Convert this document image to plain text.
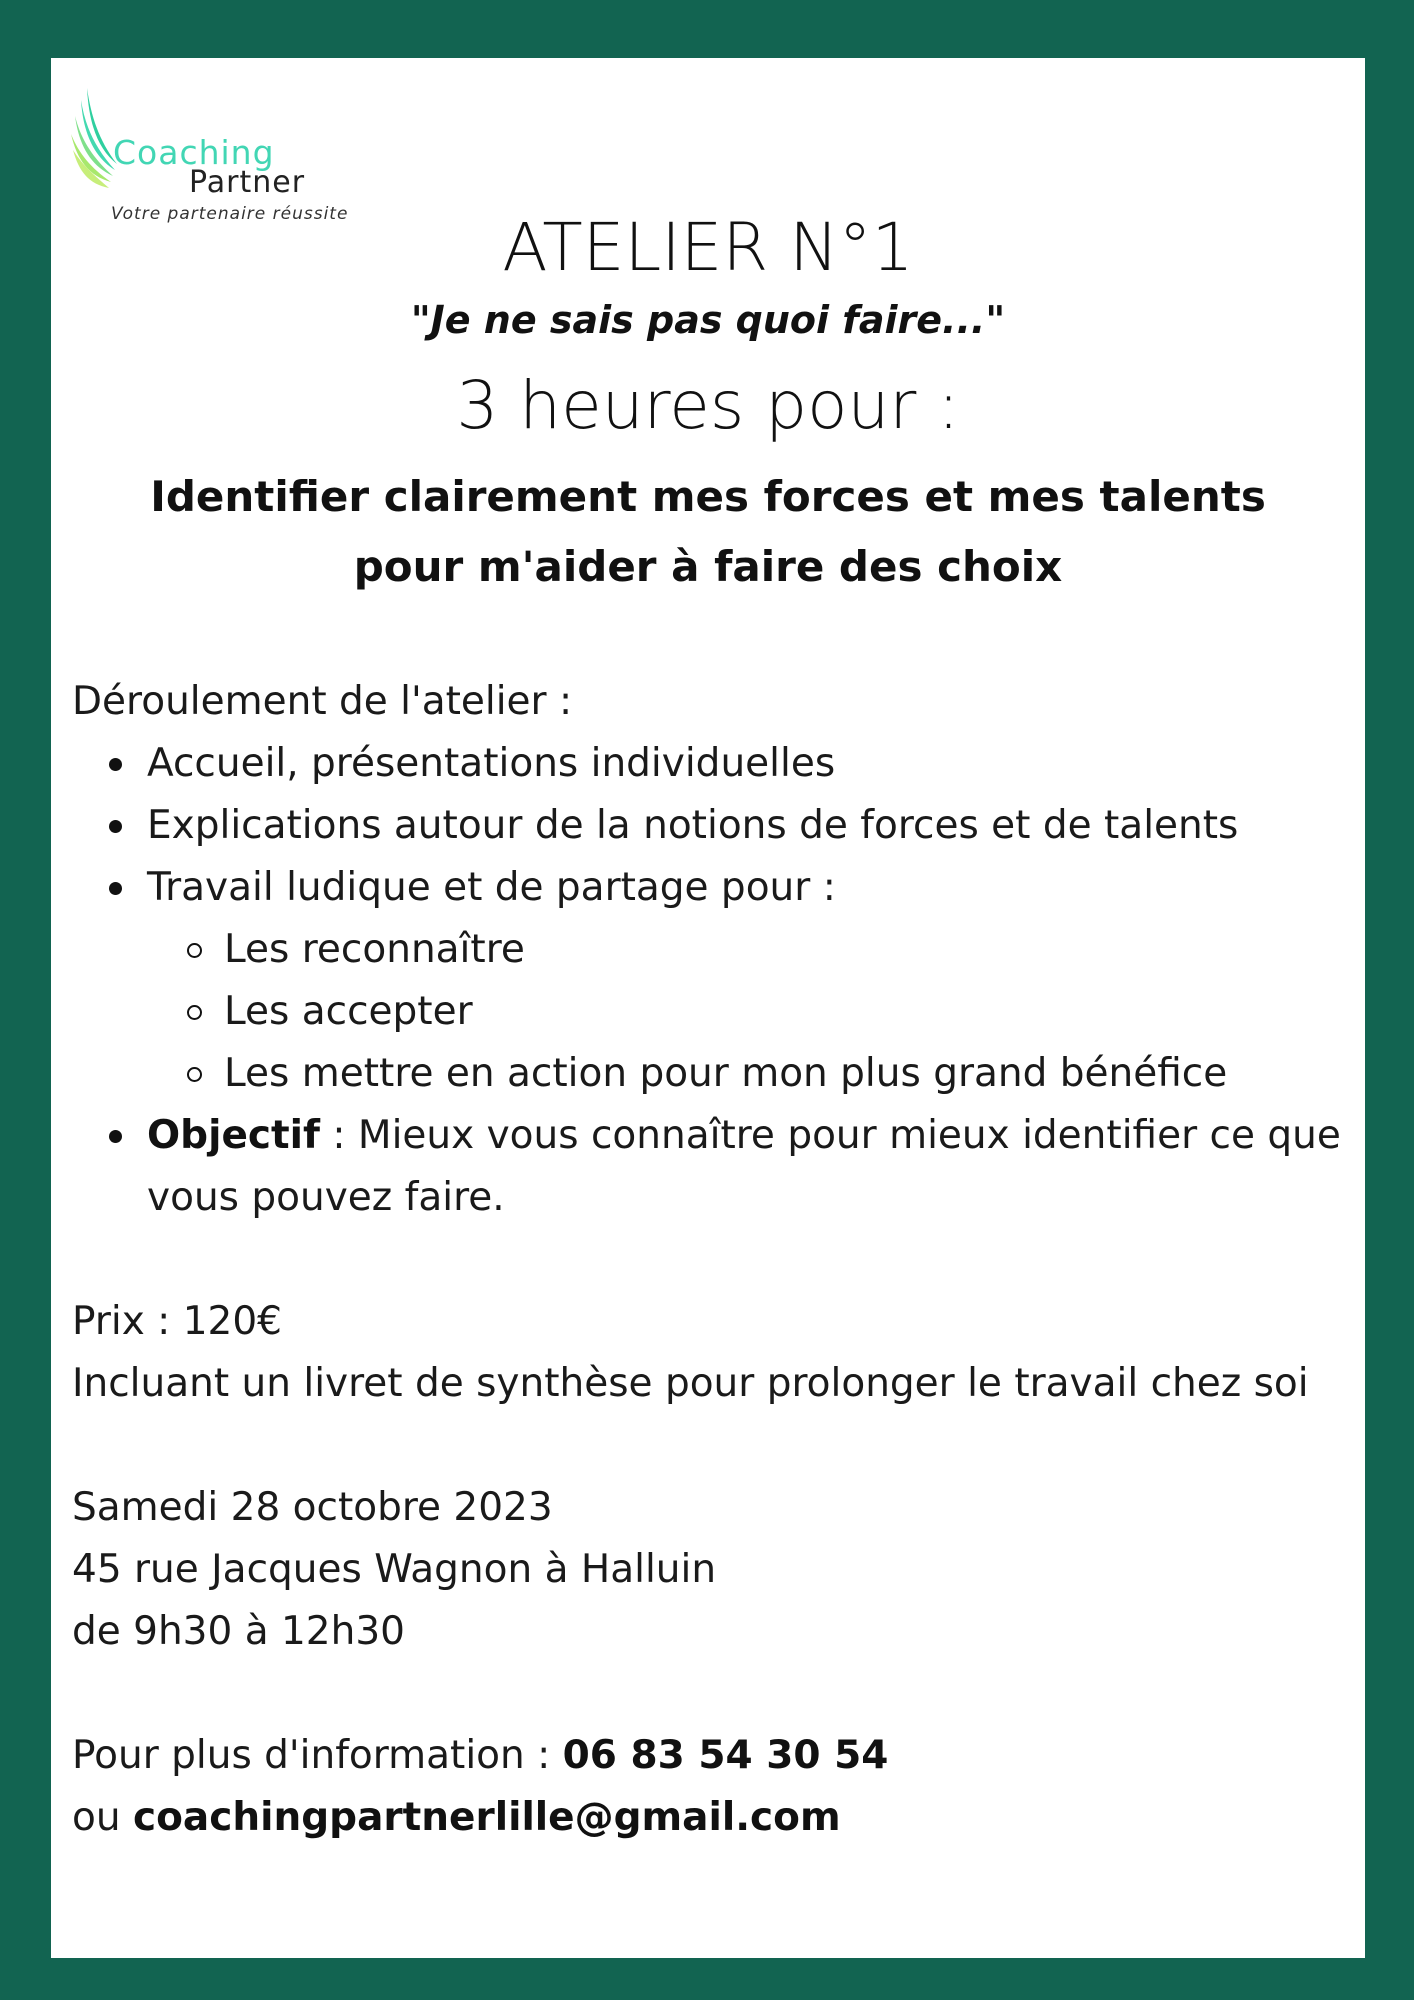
Coaching
Partner
Votre partenaire réussite	ATELIER N°1

"Je ne sais pas quoi faire..."

3 heures pour :

Identifier clairement mes forces et mes talents
pour m'aider à faire des choix

Déroulement de l'atelier :

Accueil, présentations individuelles
Explications autour de la notions de forces et de talents
Travail ludique et de partage pour :
Les reconnaître
Les accepter
Les mettre en action pour mon plus grand bénéfice
Objectif : Mieux vous connaître pour mieux identifier ce que vous pouvez faire.

Prix : 120€

Incluant un livret de synthèse pour prolonger le travail chez soi

Samedi 28 octobre 2023

45 rue Jacques Wagnon à Halluin

de 9h30 à 12h30

Pour plus d'information : 06 83 54 30 54

ou coachingpartnerlille@gmail.com
